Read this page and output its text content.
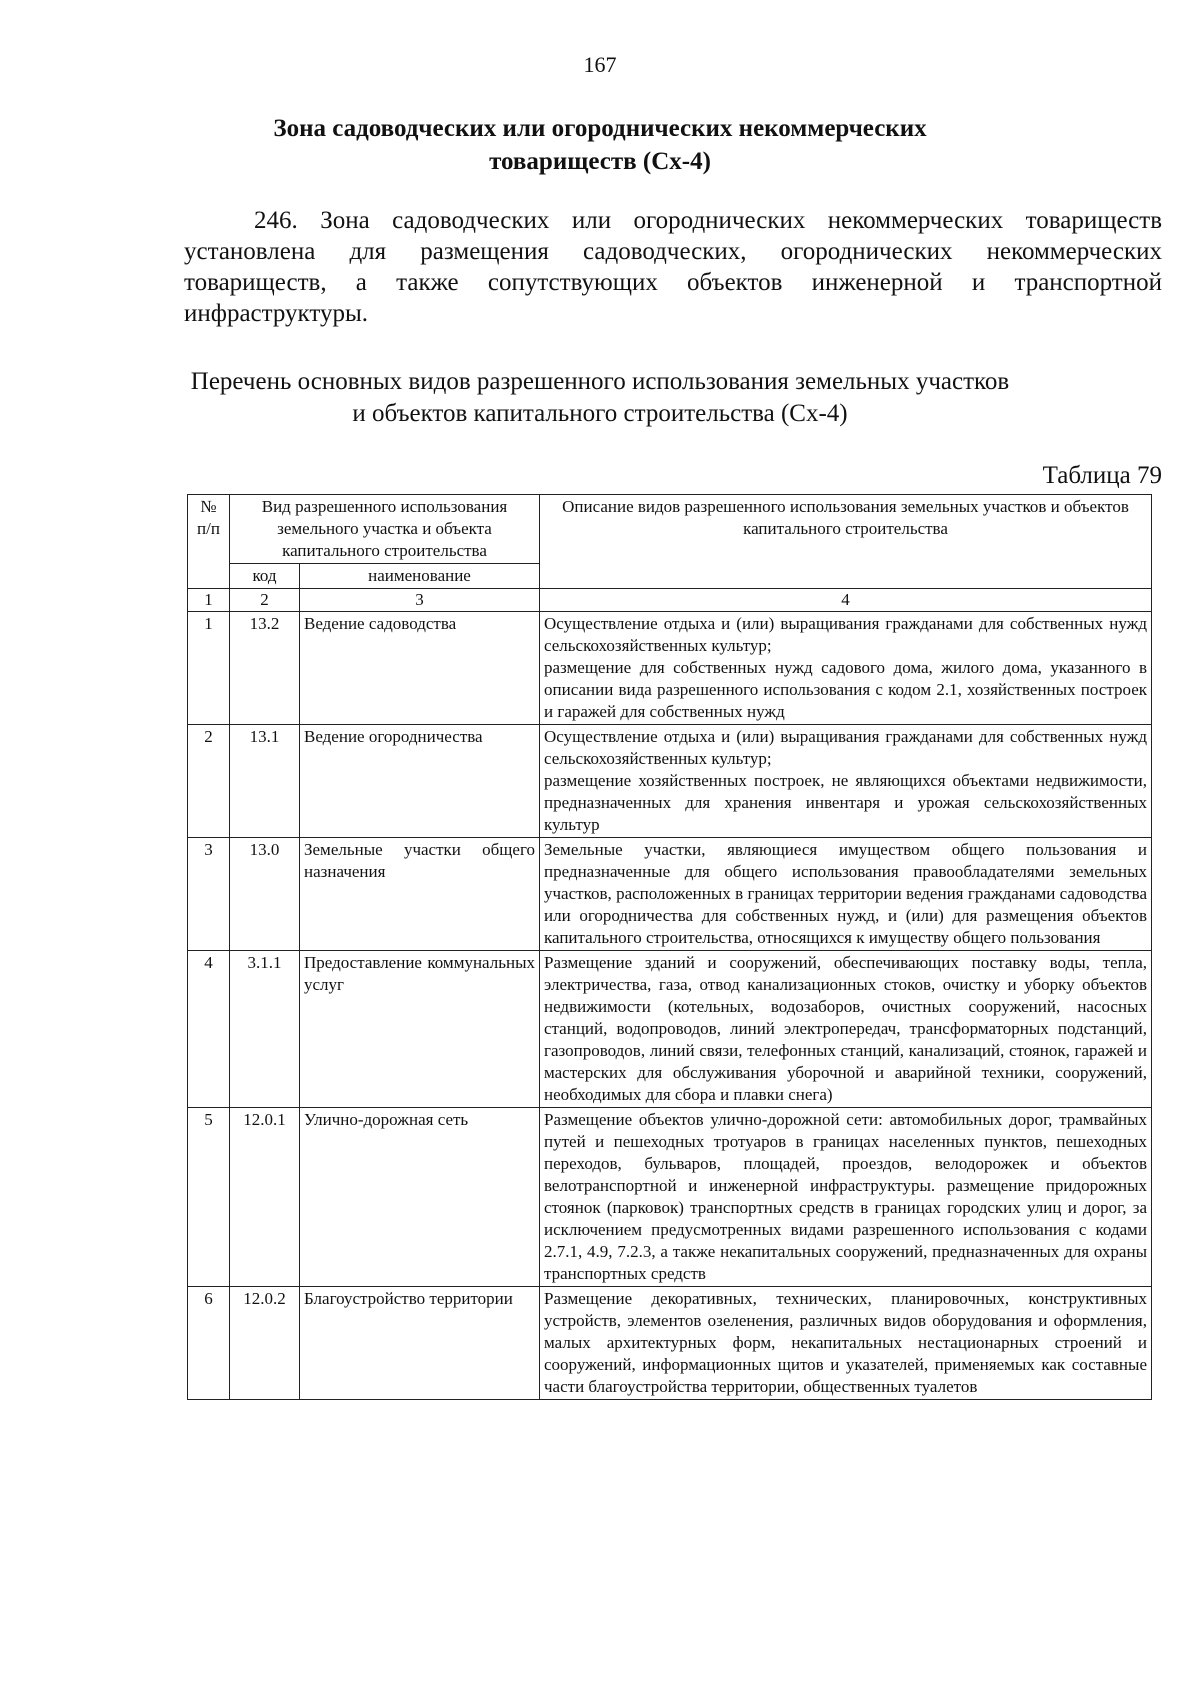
167
Зона садоводческих или огороднических некоммерческих
товариществ (Сх-4)
246. Зона садоводческих или огороднических некоммерческих товариществ установлена для размещения садоводческих, огороднических некоммерческих товариществ, а также сопутствующих объектов инженерной и транспортной инфраструктуры.
Перечень основных видов разрешенного использования земельных участков
и объектов капитального строительства (Сх-4)
Таблица 79
№ п/п	Вид разрешенного использования земельного участка и объекта капитального строительства		Описание видов разрешенного использования земельных участков и объектов капитального строительства
	код	наименование	
1	2	3	4
1	13.2	Ведение садоводства	Осуществление отдыха и (или) выращивания гражданами для собственных нужд сельскохозяйственных культур;
размещение для собственных нужд садового дома, жилого дома, указанного в описании вида разрешенного использования с кодом 2.1, хозяйственных построек и гаражей для собственных нужд

2	13.1	Ведение огородничества	Осуществление отдыха и (или) выращивания гражданами для собственных нужд сельскохозяйственных культур;
размещение хозяйственных построек, не являющихся объектами недвижимости, предназначенных для хранения инвентаря и урожая сельскохозяйственных культур

3	13.0	Земельные участки общего назначения	Земельные участки, являющиеся имуществом общего пользования и предназначенные для общего использования правообладателями земельных участков, расположенных в границах территории ведения гражданами садоводства или огородничества для собственных нужд, и (или) для размещения объектов капитального строительства, относящихся к имуществу общего пользования

4	3.1.1	Предоставление коммунальных услуг	Размещение зданий и сооружений, обеспечивающих поставку воды, тепла, электричества, газа, отвод канализационных стоков, очистку и уборку объектов недвижимости (котельных, водозаборов, очистных сооружений, насосных станций, водопроводов, линий электропередач, трансформаторных подстанций, газопроводов, линий связи, телефонных станций, канализаций, стоянок, гаражей и мастерских для обслуживания уборочной и аварийной техники, сооружений, необходимых для сбора и плавки снега)

5	12.0.1	Улично-дорожная сеть	Размещение объектов улично-дорожной сети: автомобильных дорог, трамвайных путей и пешеходных тротуаров в границах населенных пунктов, пешеходных переходов, бульваров, площадей, проездов, велодорожек и объектов велотранспортной и инженерной инфраструктуры. размещение придорожных стоянок (парковок) транспортных средств в границах городских улиц и дорог, за исключением предусмотренных видами разрешенного использования с кодами 2.7.1, 4.9, 7.2.3, а также некапитальных сооружений, предназначенных для охраны транспортных средств

6	12.0.2	Благоустройство территории	Размещение декоративных, технических, планировочных, конструктивных устройств, элементов озеленения, различных видов оборудования и оформления, малых архитектурных форм, некапитальных нестационарных строений и сооружений, информационных щитов и указателей, применяемых как составные части благоустройства территории, общественных туалетов
